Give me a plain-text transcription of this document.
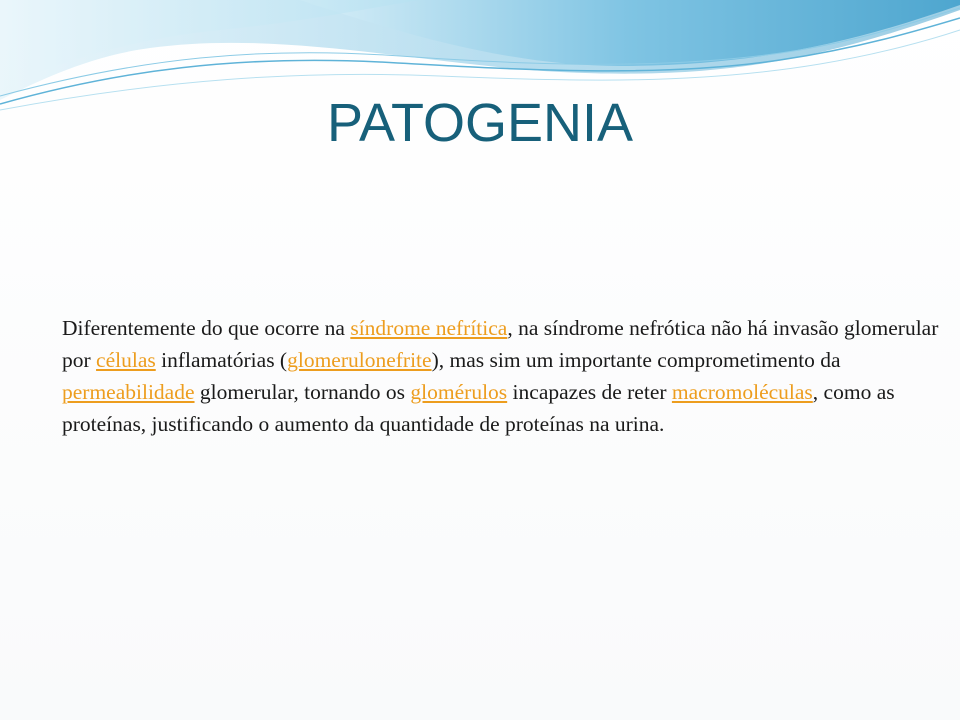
PATOGENIA

Diferentemente do que ocorre na síndrome nefrítica, na síndrome nefrótica não há invasão glomerular por células inflamatórias (glomerulonefrite), mas sim um importante comprometimento da permeabilidade glomerular, tornando os glomérulos incapazes de reter macromoléculas, como as proteínas, justificando o aumento da quantidade de proteínas na urina.
